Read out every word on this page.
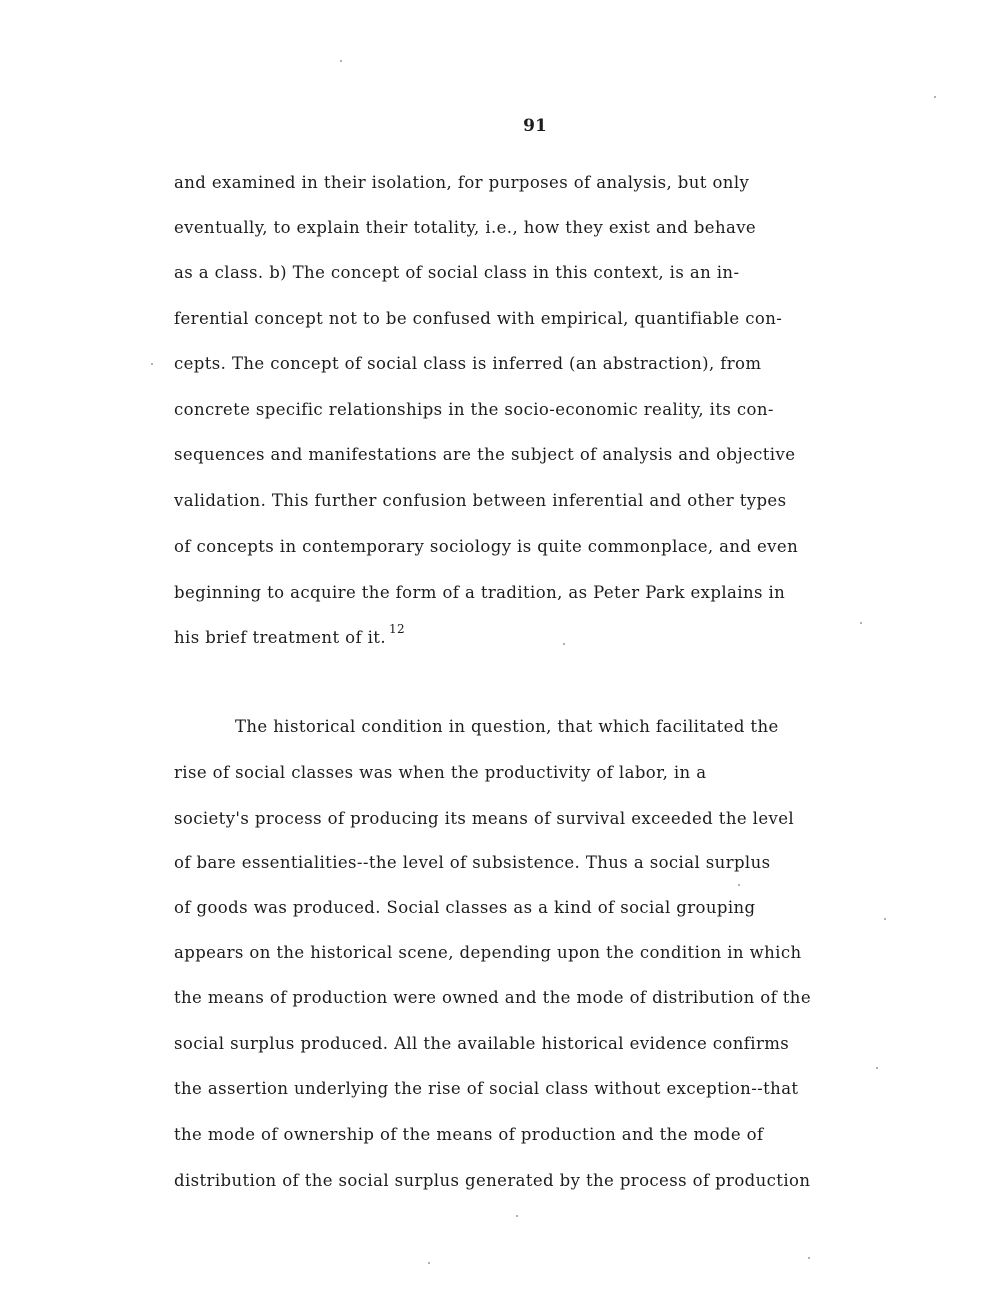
91
and examined in their isolation, for purposes of analysis, but only
eventually, to explain their totality, i.e., how they exist and behave
as a class. b) The concept of social class in this context, is an in-
ferential concept not to be confused with empirical, quantifiable con-
cepts. The concept of social class is inferred (an abstraction), from
concrete specific relationships in the socio-economic reality, its con-
sequences and manifestations are the subject of analysis and objective
validation. This further confusion between inferential and other types
of concepts in contemporary sociology is quite commonplace, and even
beginning to acquire the form of a tradition, as Peter Park explains in
his brief treatment of it. $^{12}$
The historical condition in question, that which facilitated the
rise of social classes was when the productivity of labor, in a
society's process of producing its means of survival exceeded the level
of bare essentialities--the level of subsistence. Thus a social surplus
of goods was produced. Social classes as a kind of social grouping
appears on the historical scene, depending upon the condition in which
the means of production were owned and the mode of distribution of the
social surplus produced. All the available historical evidence confirms
the assertion underlying the rise of social class without exception--that
the mode of ownership of the means of production and the mode of
distribution of the social surplus generated by the process of production
